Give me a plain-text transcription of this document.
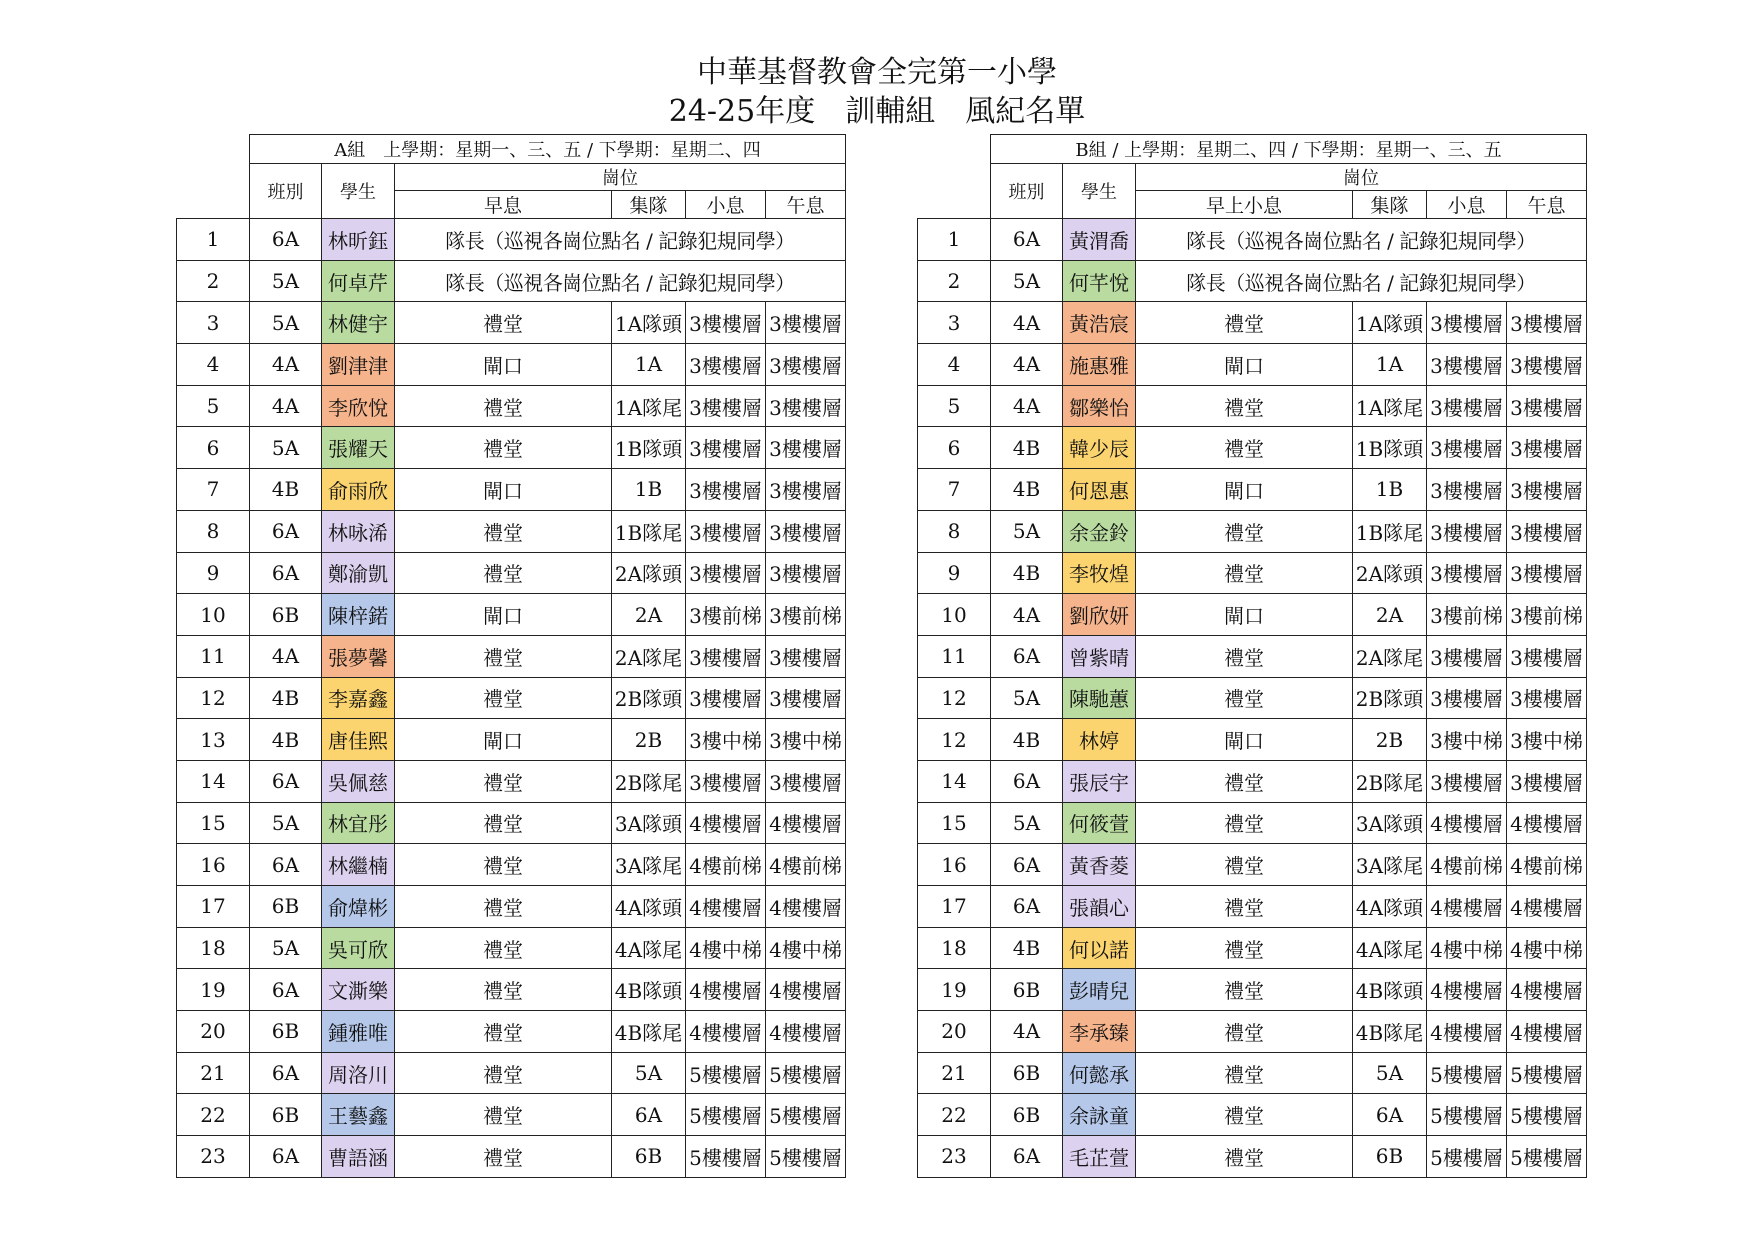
中華基督教會全完第一小學
24-25年度　訓輔組　風紀名單
	A組　上學期：星期一、三、五 / 下學期：星期二、四					
	班別	學生	崗位			
			早息	集隊	小息	午息
1	6A	林昕鈺	隊長（巡視各崗位點名 / 記錄犯規同學）			
2	5A	何卓芹	隊長（巡視各崗位點名 / 記錄犯規同學）			
3	5A	林健宇	禮堂	1A隊頭	3樓樓層	3樓樓層
4	4A	劉津津	閘口	1A	3樓樓層	3樓樓層
5	4A	李欣悅	禮堂	1A隊尾	3樓樓層	3樓樓層
6	5A	張耀天	禮堂	1B隊頭	3樓樓層	3樓樓層
7	4B	俞雨欣	閘口	1B	3樓樓層	3樓樓層
8	6A	林咏浠	禮堂	1B隊尾	3樓樓層	3樓樓層
9	6A	鄭渝凱	禮堂	2A隊頭	3樓樓層	3樓樓層
10	6B	陳梓鍩	閘口	2A	3樓前梯	3樓前梯
11	4A	張夢馨	禮堂	2A隊尾	3樓樓層	3樓樓層
12	4B	李嘉鑫	禮堂	2B隊頭	3樓樓層	3樓樓層
13	4B	唐佳熙	閘口	2B	3樓中梯	3樓中梯
14	6A	吳佩慈	禮堂	2B隊尾	3樓樓層	3樓樓層
15	5A	林宜彤	禮堂	3A隊頭	4樓樓層	4樓樓層
16	6A	林繼楠	禮堂	3A隊尾	4樓前梯	4樓前梯
17	6B	俞煒彬	禮堂	4A隊頭	4樓樓層	4樓樓層
18	5A	吳可欣	禮堂	4A隊尾	4樓中梯	4樓中梯
19	6A	文澌樂	禮堂	4B隊頭	4樓樓層	4樓樓層
20	6B	鍾雅唯	禮堂	4B隊尾	4樓樓層	4樓樓層
21	6A	周洛川	禮堂	5A	5樓樓層	5樓樓層
22	6B	王藝鑫	禮堂	6A	5樓樓層	5樓樓層
23	6A	曹語涵	禮堂	6B	5樓樓層	5樓樓層
	B組 / 上學期：星期二、四 / 下學期：星期一、三、五					
	班別	學生	崗位			
			早上小息	集隊	小息	午息
1	6A	黃渭喬	隊長（巡視各崗位點名 / 記錄犯規同學）			
2	5A	何芊悅	隊長（巡視各崗位點名 / 記錄犯規同學）			
3	4A	黃浩宸	禮堂	1A隊頭	3樓樓層	3樓樓層
4	4A	施惠雅	閘口	1A	3樓樓層	3樓樓層
5	4A	鄒樂怡	禮堂	1A隊尾	3樓樓層	3樓樓層
6	4B	韓少辰	禮堂	1B隊頭	3樓樓層	3樓樓層
7	4B	何恩惠	閘口	1B	3樓樓層	3樓樓層
8	5A	余金鈴	禮堂	1B隊尾	3樓樓層	3樓樓層
9	4B	李牧煌	禮堂	2A隊頭	3樓樓層	3樓樓層
10	4A	劉欣妍	閘口	2A	3樓前梯	3樓前梯
11	6A	曾紫晴	禮堂	2A隊尾	3樓樓層	3樓樓層
12	5A	陳馳蕙	禮堂	2B隊頭	3樓樓層	3樓樓層
12	4B	林婷	閘口	2B	3樓中梯	3樓中梯
14	6A	張辰宇	禮堂	2B隊尾	3樓樓層	3樓樓層
15	5A	何筱萱	禮堂	3A隊頭	4樓樓層	4樓樓層
16	6A	黃香菱	禮堂	3A隊尾	4樓前梯	4樓前梯
17	6A	張韻心	禮堂	4A隊頭	4樓樓層	4樓樓層
18	4B	何以諾	禮堂	4A隊尾	4樓中梯	4樓中梯
19	6B	彭晴兒	禮堂	4B隊頭	4樓樓層	4樓樓層
20	4A	李承臻	禮堂	4B隊尾	4樓樓層	4樓樓層
21	6B	何懿承	禮堂	5A	5樓樓層	5樓樓層
22	6B	余詠童	禮堂	6A	5樓樓層	5樓樓層
23	6A	毛芷萱	禮堂	6B	5樓樓層	5樓樓層
